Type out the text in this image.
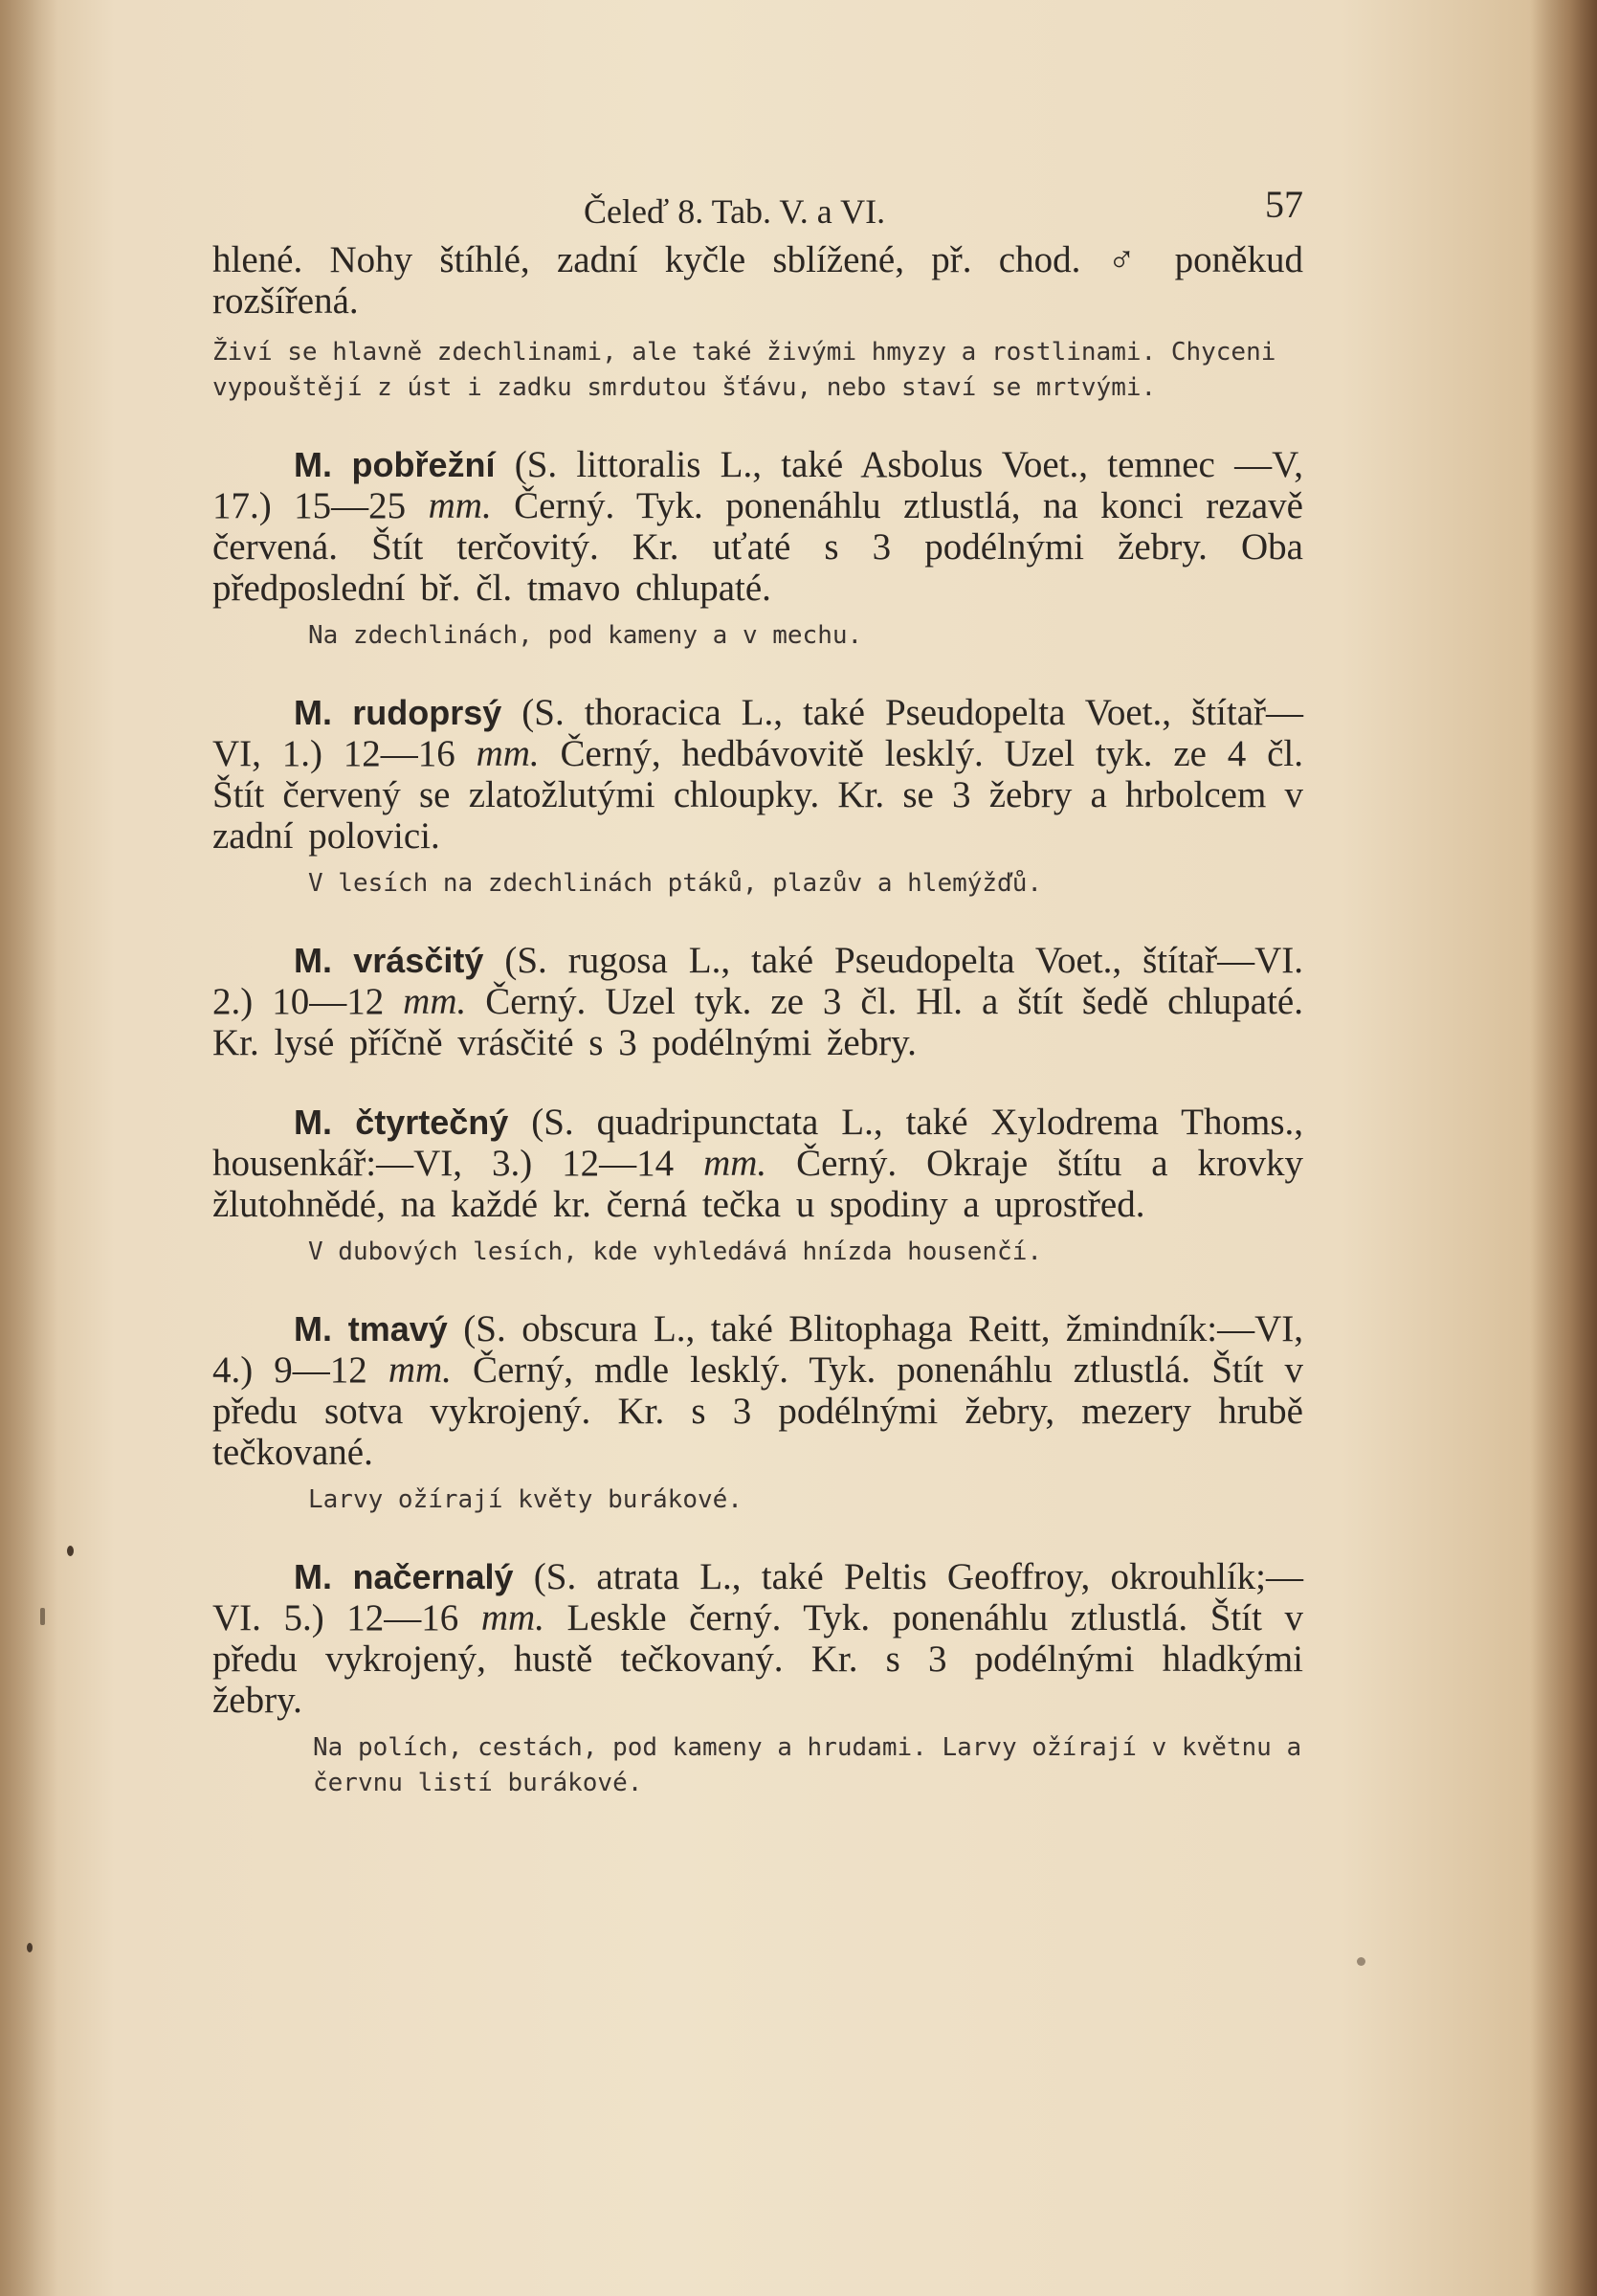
Čeleď 8. Tab. V. a VI.	57

hlené. Nohy štíhlé, zadní kyčle sblížené, př. chod. ♂ poněkud rozšířená.

Živí se hlavně zdechlinami, ale také živými hmyzy a rostlinami. Chyceni vypouštějí z úst i zadku smrdutou šťávu, nebo staví se mrtvými.

M. pobřežní (S. littoralis L., také Asbolus Voet., temnec —V, 17.) 15—25 mm. Černý. Tyk. ponenáhlu ztlustlá, na konci rezavě červená. Štít terčovitý. Kr. uťaté s 3 podélnými žebry. Oba předposlední bř. čl. tmavo chlupaté.

Na zdechlinách, pod kameny a v mechu.

M. rudoprsý (S. thoracica L., také Pseudopelta Voet., štítař—VI, 1.) 12—16 mm. Černý, hedbávovitě lesklý. Uzel tyk. ze 4 čl. Štít červený se zlatožlutými chloupky. Kr. se 3 žebry a hrbolcem v zadní polovici.

V lesích na zdechlinách ptáků, plazův a hlemýžďů.

M. vrásčitý (S. rugosa L., také Pseudopelta Voet., štítař—VI. 2.) 10—12 mm. Černý. Uzel tyk. ze 3 čl. Hl. a štít šedě chlupaté. Kr. lysé příčně vrásčité s 3 podélnými žebry.

M. čtyrtečný (S. quadripunctata L., také Xylodrema Thoms., housenkář:—VI, 3.) 12—14 mm. Černý. Okraje štítu a krovky žlutohnědé, na každé kr. černá tečka u spodiny a uprostřed.

V dubových lesích, kde vyhledává hnízda housenčí.

M. tmavý (S. obscura L., také Blitophaga Reitt, žmindník:—VI, 4.) 9—12 mm. Černý, mdle lesklý. Tyk. ponenáhlu ztlustlá. Štít v předu sotva vykrojený. Kr. s 3 podélnými žebry, mezery hrubě tečkované.

Larvy ožírají květy burákové.

M. načernalý (S. atrata L., také Peltis Geoffroy, okrouhlík;—VI. 5.) 12—16 mm. Leskle černý. Tyk. ponenáhlu ztlustlá. Štít v předu vykrojený, hustě tečkovaný. Kr. s 3 podélnými hladkými žebry.

Na polích, cestách, pod kameny a hrudami. Larvy ožírají v květnu a červnu listí burákové.
